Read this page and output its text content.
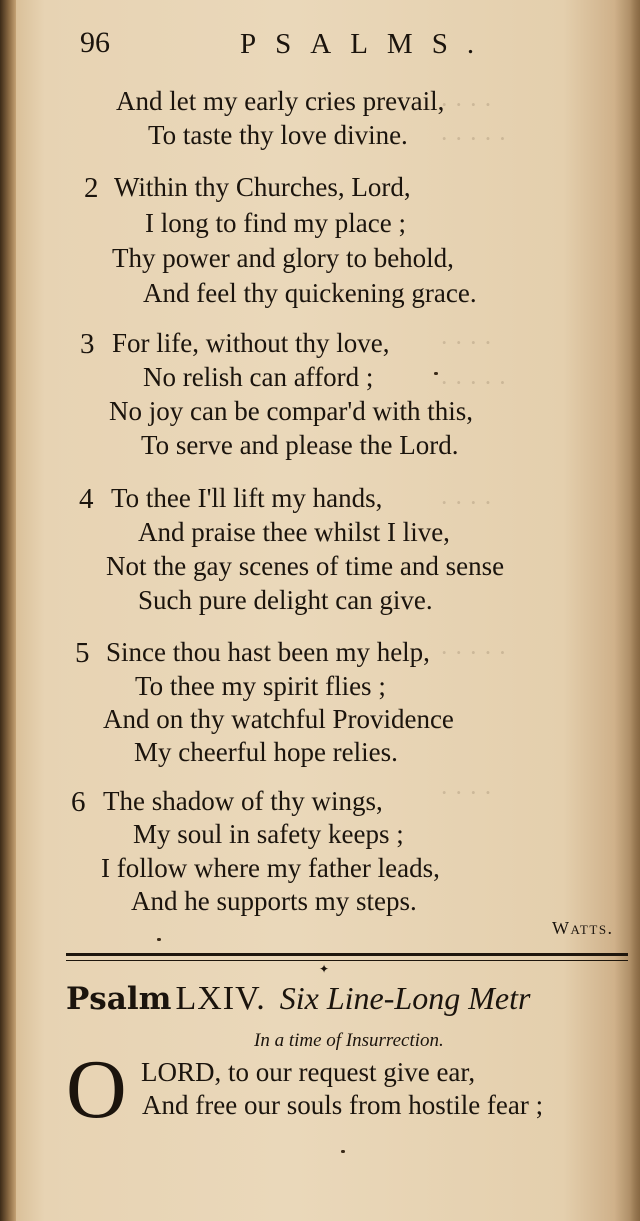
· · · ·
· · · · ·
· · · ·
· · · · ·
· · · ·
· · · · ·
· · · ·
96	PSALMS.
And let my early cries prevail,
To taste thy love divine.
2 Within thy Churches, Lord,
I long to find my place ;
Thy power and glory to behold,
And feel thy quickening grace.
3 For life, without thy love,
No relish can afford ;
No joy can be compar'd with this,
To serve and please the Lord.
4 To thee I'll lift my hands,
And praise thee whilst I live,
Not the gay scenes of time and sense
Such pure delight can give.
5 Since thou hast been my help,
To thee my spirit flies ;
And on thy watchful Providence
My cheerful hope relies.
6 The shadow of thy wings,
My soul in safety keeps ;
I follow where my father leads,
And he supports my steps.
Watts.
✦
Psalm LXIV. Six Line-Long Metr
In a time of Insurrection.
O LORD, to our request give ear,
And free our souls from hostile fear ;
